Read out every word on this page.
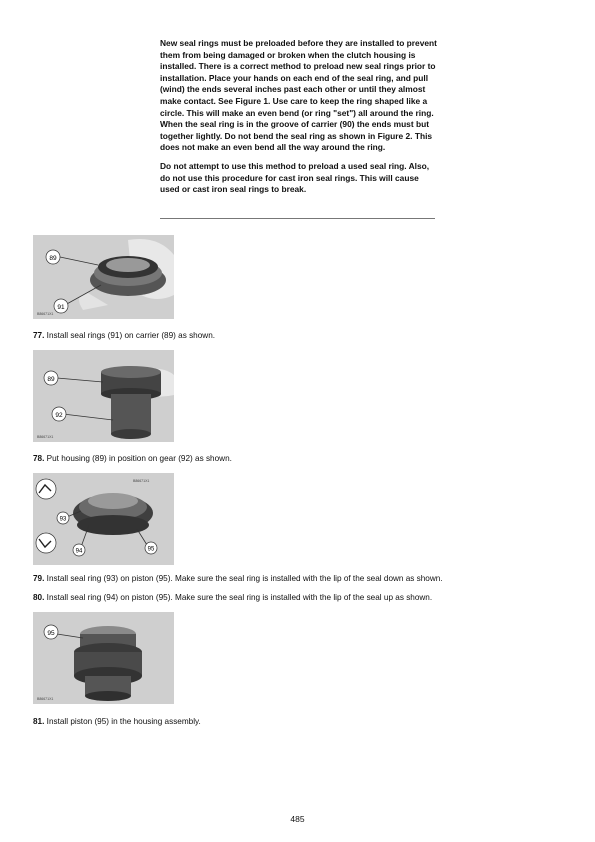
New seal rings must be preloaded before they are installed to prevent them from being damaged or broken when the clutch housing is installed. There is a correct method to preload new seal rings prior to installation. Place your hands on each end of the seal ring, and pull (wind) the ends several inches past each other or until they almost make contact. See Figure 1. Use care to keep the ring shaped like a circle. This will make an even bend (or ring "set") all around the ring. When the seal ring is in the groove of carrier (90) the ends must but together lightly. Do not bend the seal ring as shown in Figure 2. This does not make an even bend all the way around the ring.

Do not attempt to use this method to preload a used seal ring. Also, do not use this procedure for cast iron seal rings. This will cause used or cast iron seal rings to break.

89
91
B86671X1
77. Install seal rings (91) on carrier (89) as shown.
89
92
B86671X1
78. Put housing (89) in position on gear (92) as shown.
93
94	95
B86671X1
79. Install seal ring (93) on piston (95). Make sure the seal ring is installed with the lip of the seal down as shown.
80. Install seal ring (94) on piston (95). Make sure the seal ring is installed with the lip of the seal up as shown.
95
B86671X1
81. Install piston (95) in the housing assembly.
485
